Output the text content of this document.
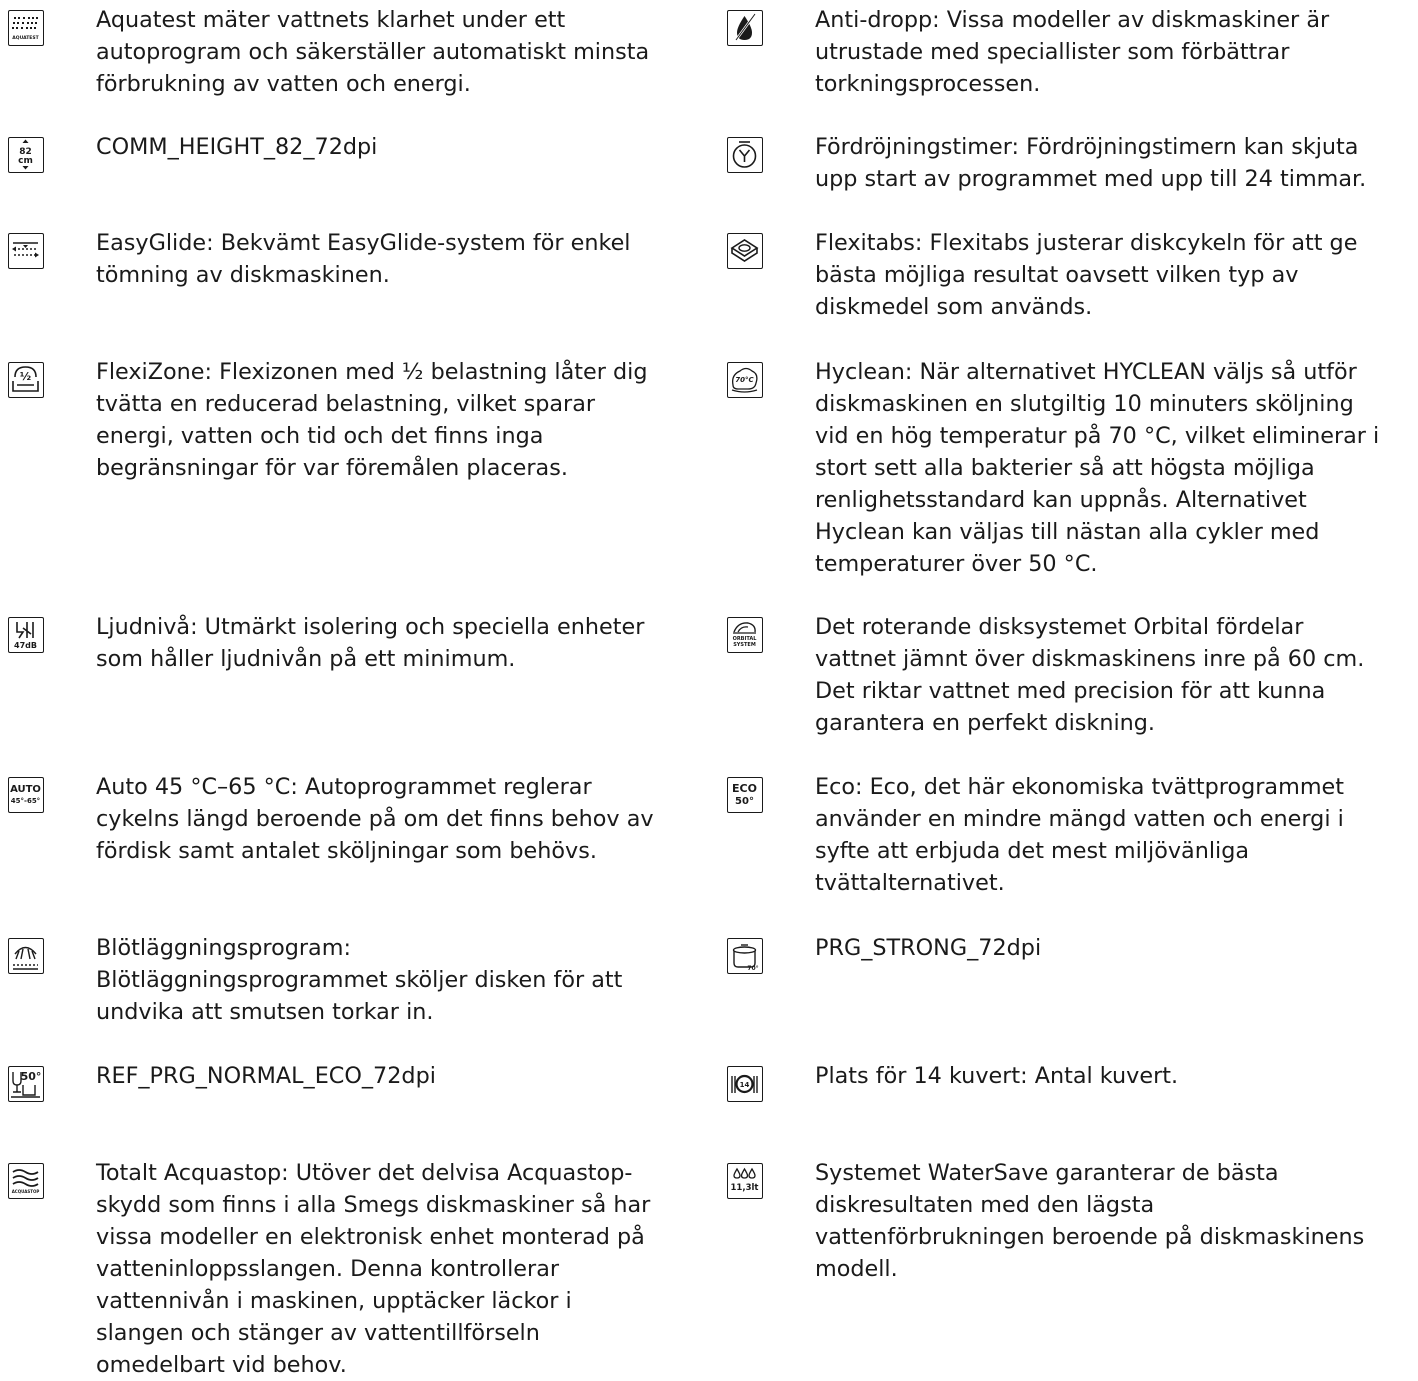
AQUATEST
Aquatest mäter vattnets klarhet under ett
autoprogram och säkerställer automatiskt minsta
förbrukning av vatten och energi.
82
cm
COMM_HEIGHT_82_72dpi
EasyGlide: Bekvämt EasyGlide-system för enkel
tömning av diskmaskinen.
½	FlexiZone: Flexizonen med ½ belastning låter dig
tvätta en reducerad belastning, vilket sparar
energi, vatten och tid och det finns inga
begränsningar för var föremålen placeras.
47dB
Ljudnivå: Utmärkt isolering och speciella enheter
som håller ljudnivån på ett minimum.
AUTO
45°-65°
Auto 45 °C–65 °C: Autoprogrammet reglerar
cykelns längd beroende på om det finns behov av
fördisk samt antalet sköljningar som behövs.
Blötläggningsprogram:
Blötläggningsprogrammet sköljer disken för att
undvika att smutsen torkar in.
50° REF_PRG_NORMAL_ECO_72dpi
ACQUASTOP
Totalt Acquastop: Utöver det delvisa Acquastop-
skydd som finns i alla Smegs diskmaskiner så har
vissa modeller en elektronisk enhet monterad på
vatteninloppsslangen. Denna kontrollerar
vattennivån i maskinen, upptäcker läckor i
slangen och stänger av vattentillförseln
omedelbart vid behov.
Anti-dropp: Vissa modeller av diskmaskiner är
utrustade med speciallister som förbättrar
torkningsprocessen.
Fördröjningstimer: Fördröjningstimern kan skjuta
upp start av programmet med upp till 24 timmar.
Flexitabs: Flexitabs justerar diskcykeln för att ge
bästa möjliga resultat oavsett vilken typ av
diskmedel som används.
70°C	Hyclean: När alternativet HYCLEAN väljs så utför
diskmaskinen en slutgiltig 10 minuters sköljning
vid en hög temperatur på 70 °C, vilket eliminerar i
stort sett alla bakterier så att högsta möjliga
renlighetsstandard kan uppnås. Alternativet
Hyclean kan väljas till nästan alla cykler med
temperaturer över 50 °C.
ORBITAL
SYSTEM
Det roterande disksystemet Orbital fördelar
vattnet jämnt över diskmaskinens inre på 60 cm.
Det riktar vattnet med precision för att kunna
garantera en perfekt diskning.
ECO
50°
Eco: Eco, det här ekonomiska tvättprogrammet
använder en mindre mängd vatten och energi i
syfte att erbjuda det mest miljövänliga
tvättalternativet.
70°
PRG_STRONG_72dpi
14	Plats för 14 kuvert: Antal kuvert.
11,3lt
Systemet WaterSave garanterar de bästa
diskresultaten med den lägsta
vattenförbrukningen beroende på diskmaskinens
modell.
